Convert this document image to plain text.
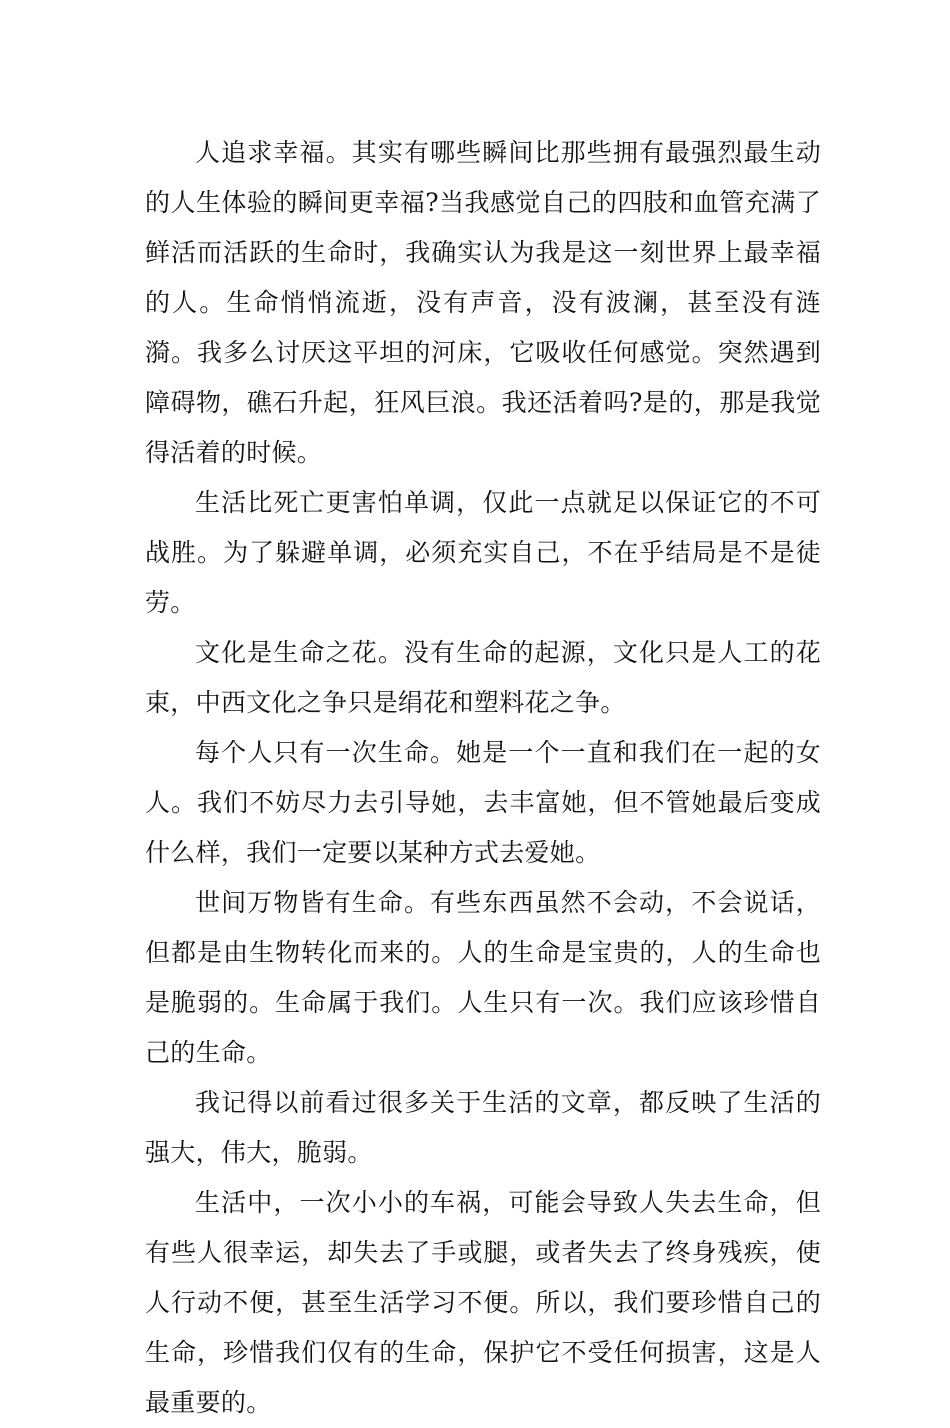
人追求幸福。其实有哪些瞬间比那些拥有最强烈最生动的人生体验的瞬间更幸福?当我感觉自己的四肢和血管充满了鲜活而活跃的生命时，我确实认为我是这一刻世界上最幸福的人。生命悄悄流逝，没有声音，没有波澜，甚至没有涟漪。我多么讨厌这平坦的河床，它吸收任何感觉。突然遇到障碍物，礁石升起，狂风巨浪。我还活着吗?是的，那是我觉得活着的时候。

生活比死亡更害怕单调，仅此一点就足以保证它的不可战胜。为了躲避单调，必须充实自己，不在乎结局是不是徒劳。

文化是生命之花。没有生命的起源，文化只是人工的花束，中西文化之争只是绢花和塑料花之争。

每个人只有一次生命。她是一个一直和我们在一起的女人。我们不妨尽力去引导她，去丰富她，但不管她最后变成什么样，我们一定要以某种方式去爱她。

世间万物皆有生命。有些东西虽然不会动，不会说话，但都是由生物转化而来的。人的生命是宝贵的，人的生命也是脆弱的。生命属于我们。人生只有一次。我们应该珍惜自己的生命。

我记得以前看过很多关于生活的文章，都反映了生活的强大，伟大，脆弱。

生活中，一次小小的车祸，可能会导致人失去生命，但有些人很幸运，却失去了手或腿，或者失去了终身残疾，使人行动不便，甚至生活学习不便。所以，我们要珍惜自己的生命，珍惜我们仅有的生命，保护它不受任何损害，这是人最重要的。
